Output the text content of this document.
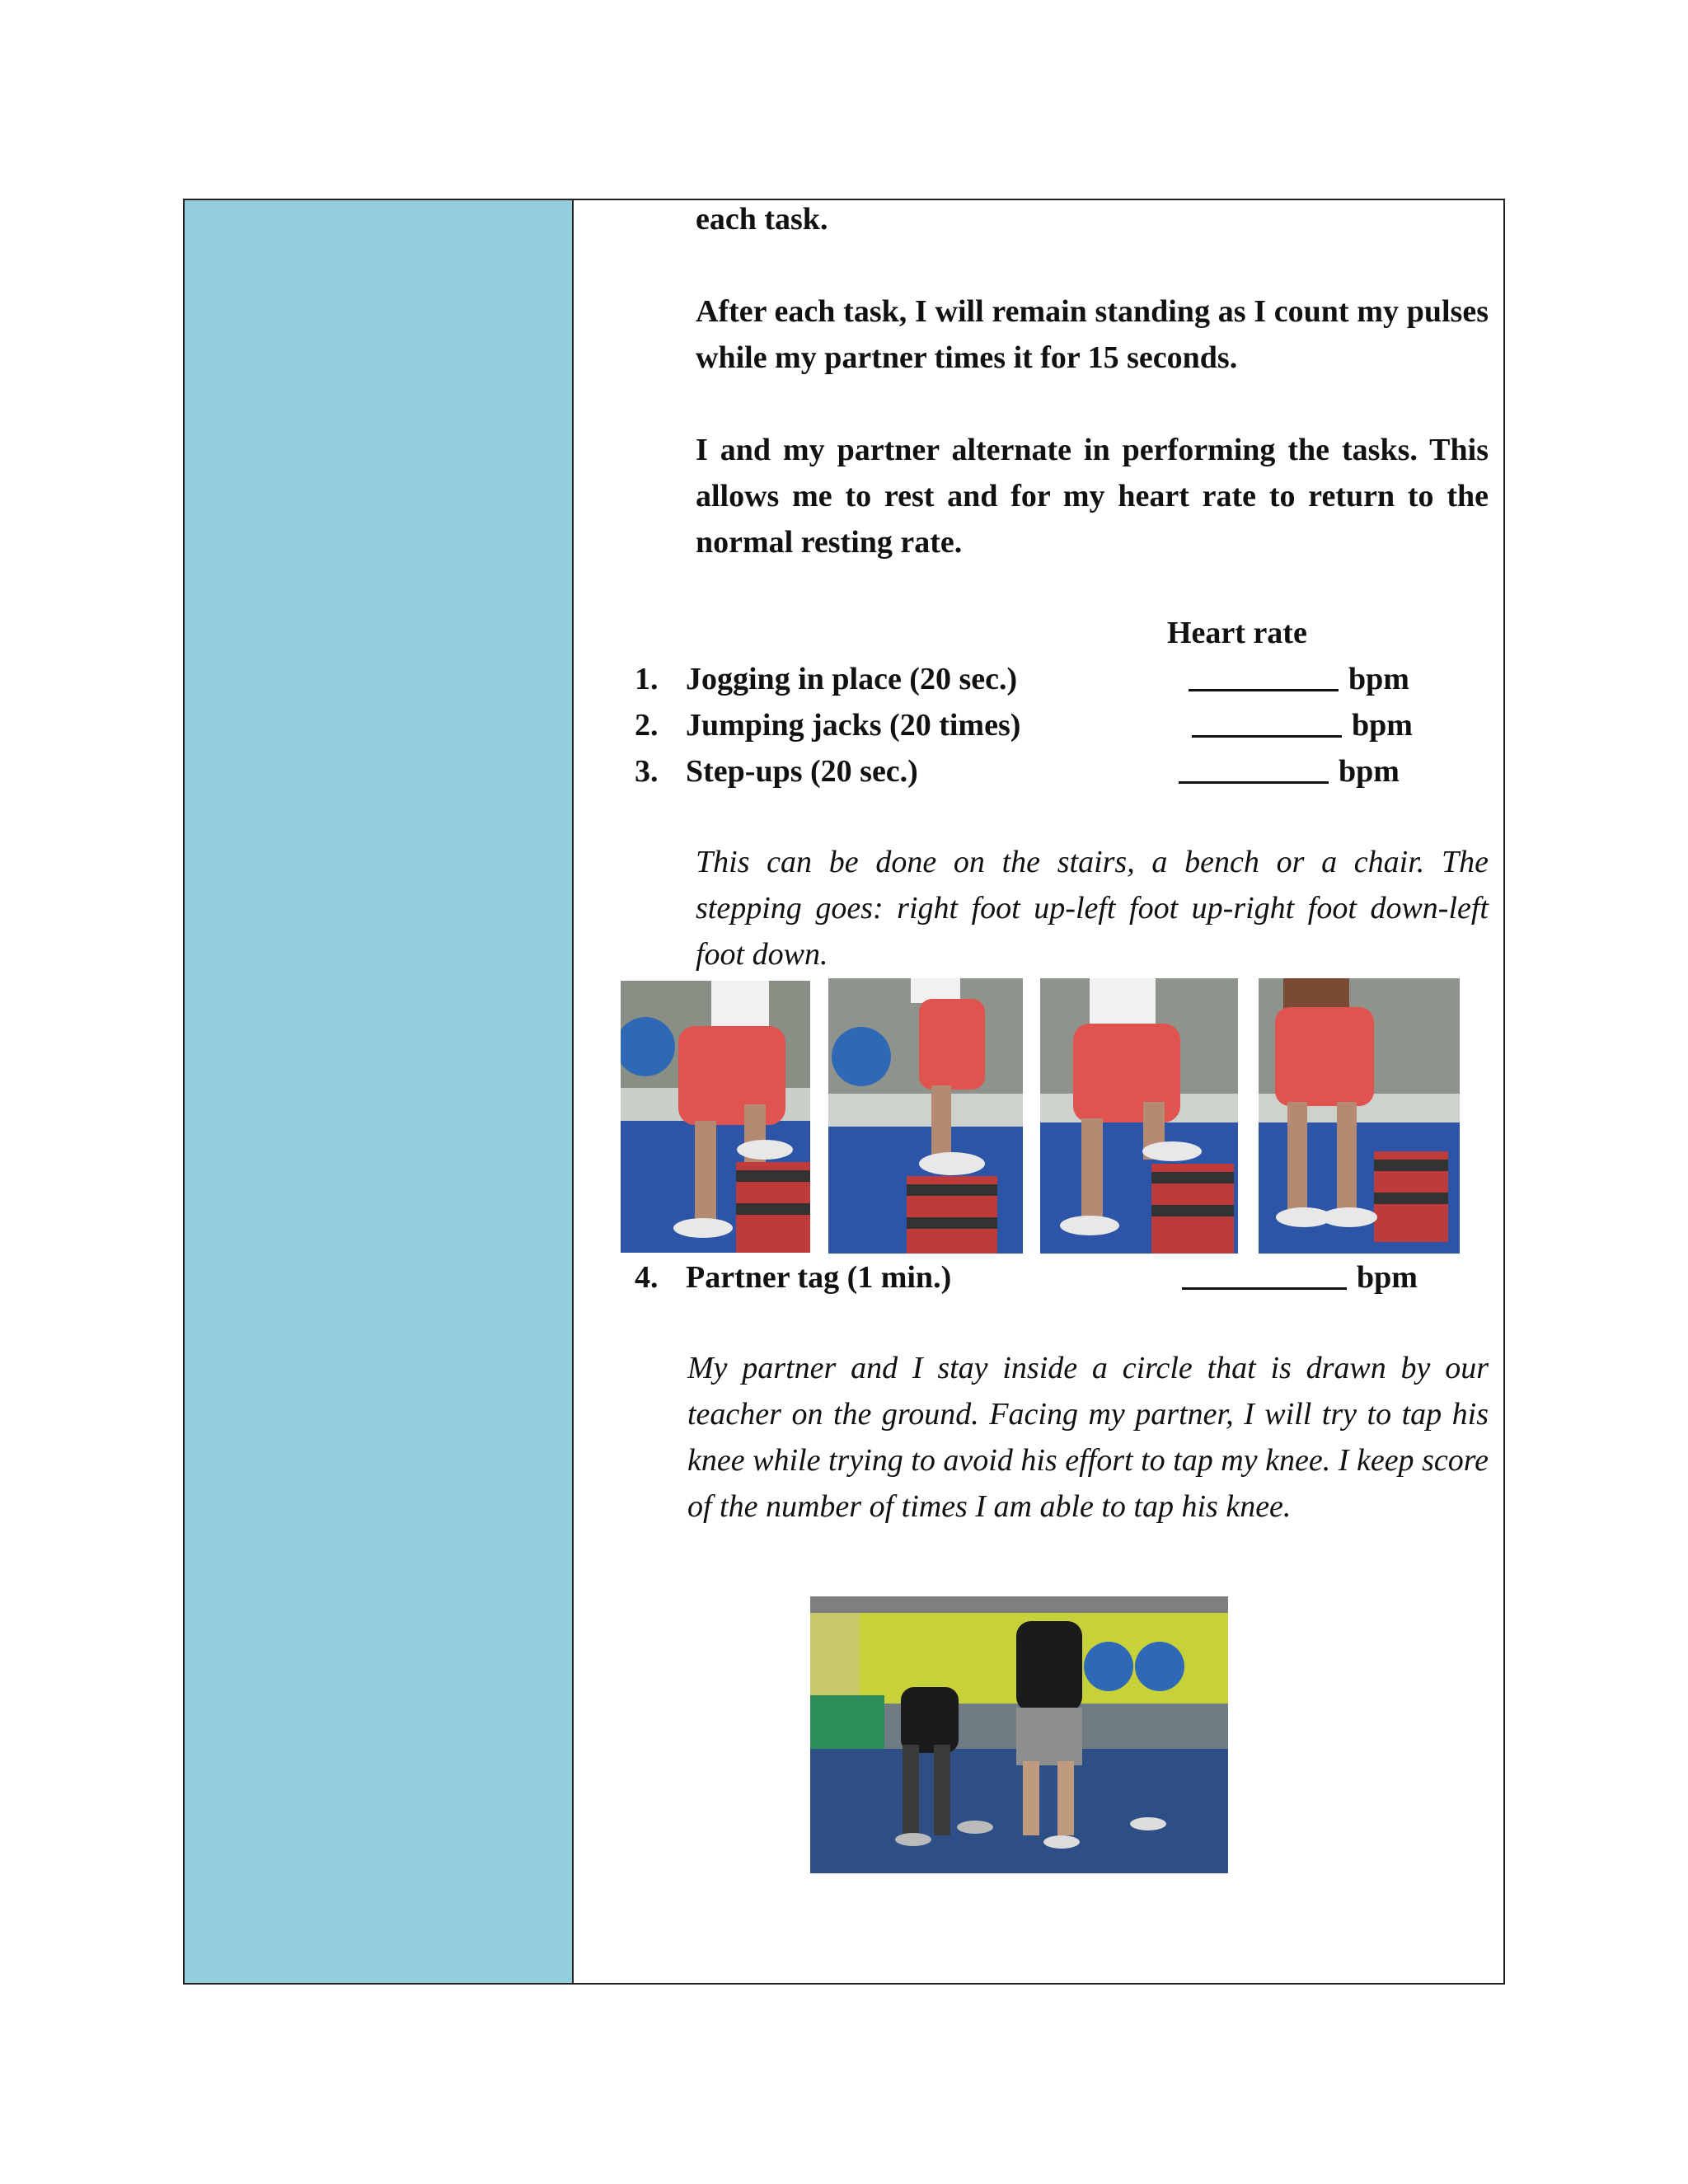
each task.
After each task, I will remain standing as I count my pulses while my partner times it for 15 seconds.
I and my partner alternate in performing the tasks. This allows me to rest and for my heart rate to return to the normal resting rate.
Heart rate
1. Jogging in place (20 sec.)	bpm
2. Jumping jacks (20 times)	bpm
3. Step-ups (20 sec.)	bpm
This can be done on the stairs, a bench or a chair. The stepping goes: right foot up-left foot up-right foot down-left foot down.
4. Partner tag (1 min.)	bpm
My partner and I stay inside a circle that is drawn by our teacher on the ground. Facing my partner, I will try to tap his knee while trying to avoid his effort to tap my knee. I keep score of the number of times I am able to tap his knee.
